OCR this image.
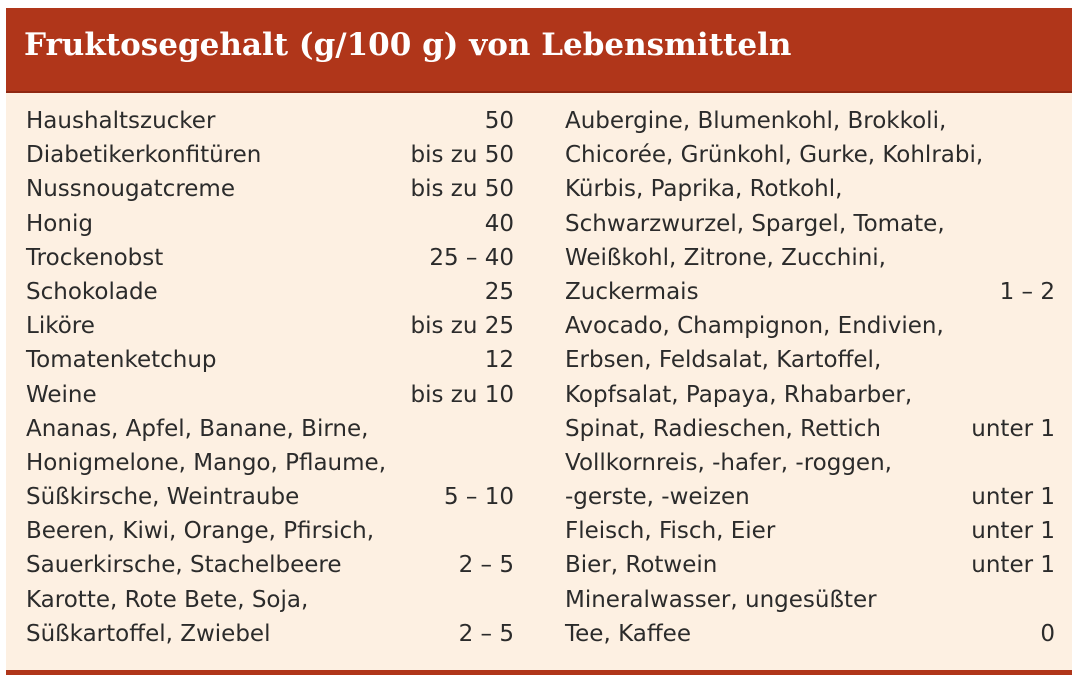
Fruktosegehalt (g/100 g) von Lebensmitteln
Haushaltszucker	50
Diabetikerkonfitüren	bis zu 50
Nussnougatcreme	bis zu 50
Honig	40
Trockenobst	25 – 40
Schokolade	25
Liköre	bis zu 25
Tomatenketchup	12
Weine	bis zu 10
Ananas, Apfel, Banane, Birne,
Honigmelone, Mango, Pflaume,
Süßkirsche, Weintraube	5 – 10
Beeren, Kiwi, Orange, Pfirsich,
Sauerkirsche, Stachelbeere	2 – 5
Karotte, Rote Bete, Soja,
Süßkartoffel, Zwiebel	2 – 5
Aubergine, Blumenkohl, Brokkoli,
Chicorée, Grünkohl, Gurke, Kohlrabi,
Kürbis, Paprika, Rotkohl,
Schwarzwurzel, Spargel, Tomate,
Weißkohl, Zitrone, Zucchini,
Zuckermais	1 – 2
Avocado, Champignon, Endivien,
Erbsen, Feldsalat, Kartoffel,
Kopfsalat, Papaya, Rhabarber,
Spinat, Radieschen, Rettich	unter 1
Vollkornreis, -hafer, -roggen,
-gerste, -weizen	unter 1
Fleisch, Fisch, Eier	unter 1
Bier, Rotwein	unter 1
Mineralwasser, ungesüßter
Tee, Kaffee	0
